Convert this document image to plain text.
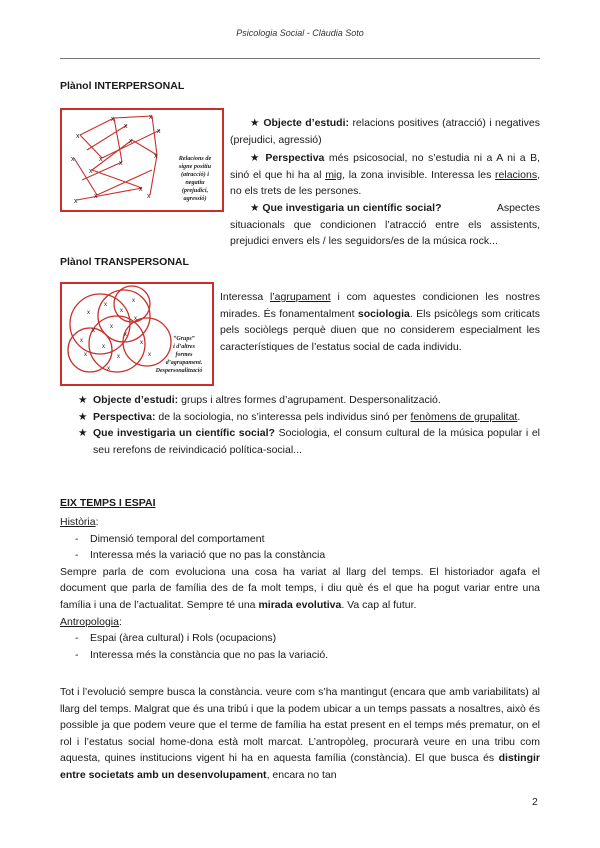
Psicologia Social - Clàudia Soto
Plànol INTERPERSONAL
x
x	x
x
x
x
x
x
x
x	x
x
x
x
x
Relacions de
signe positiu
(atracció) i
negatiu
(prejudici,
agressió)
★ Objecte d’estudi: relacions positives (atracció) i negatives (prejudici, agressió)
★ Perspectiva més psicosocial, no s’estudia ni a A ni a B, sinó el que hi ha al mig, la zona invisible. Interessa les relacions, no els trets de les persones.
★ Que investigaria un científic social?	Aspectes situacionals que condicionen l’atracció entre els assistents, prejudici envers els / les seguidors/es de la música rock...
Plànol TRANSPERSONAL
x
x
x
x
x
x
x
x
x
x	x	x
x
x
x
“Grups”
i d’altres
formes
d’agrupament.
Despersonalització
Interessa l’agrupament i com aquestes condicionen les nostres mirades. És fonamentalment sociologia. Els psicòlegs som criticats pels sociòlegs perquè diuen que no considerem especialment les característiques de l’estatus social de cada individu.
★ Objecte d’estudi: grups i altres formes d’agrupament. Despersonalització.
★ Perspectiva: de la sociologia, no s’interessa pels individus sinó per fenòmens de grupalitat.
★ Que investigaria un científic social? Sociologia, el consum cultural de la música popular i el seu rerefons de reivindicació política-social...
EIX TEMPS I ESPAI
Història:
- Dimensió temporal del comportament
- Interessa més la variació que no pas la constància
Sempre parla de com evoluciona una cosa ha variat al llarg del temps. El historiador agafa el document que parla de família des de fa molt temps, i diu què és el que ha pogut variar entre una família i una de l’actualitat. Sempre té una mirada evolutiva. Va cap al futur.
Antropologia:
- Espai (àrea cultural) i Rols (ocupacions)
- Interessa més la constància que no pas la variació.
Tot i l’evolució sempre busca la constància. veure com s’ha mantingut (encara que amb variabilitats) al llarg del temps. Malgrat que és una tribú i que la podem ubicar a un temps passats a nosaltres, això és possible ja que podem veure que el terme de família ha estat present en el temps més prematur, on el rol i l’estatus social home-dona està molt marcat. L’antropòleg, procurarà veure en una tribu com aquesta, quines institucions vigent hi ha en aquesta família (constància). El que busca és distingir entre societats amb un desenvolupament, encara no tan
2
